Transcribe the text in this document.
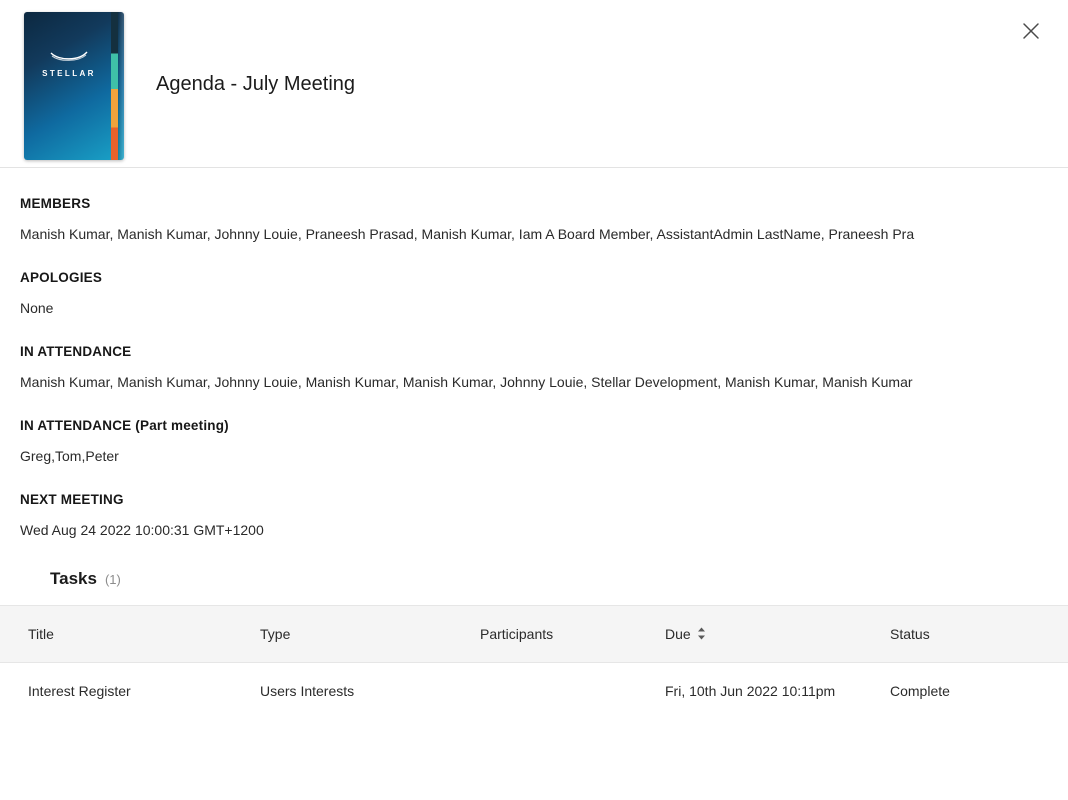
STELLAR	Agenda - July Meeting
MEMBERS
Manish Kumar, Manish Kumar, Johnny Louie, Praneesh Prasad, Manish Kumar, Iam A Board Member, AssistantAdmin LastName, Praneesh Pra
APOLOGIES
None
IN ATTENDANCE
Manish Kumar, Manish Kumar, Johnny Louie, Manish Kumar, Manish Kumar, Johnny Louie, Stellar Development, Manish Kumar, Manish Kumar
IN ATTENDANCE (Part meeting)
Greg,Tom,Peter
NEXT MEETING
Wed Aug 24 2022 10:00:31 GMT+1200
Tasks (1)
Title	Type	Participants	Due	Status
Interest Register	Users Interests		Fri, 10th Jun 2022 10:11pm	Complete
